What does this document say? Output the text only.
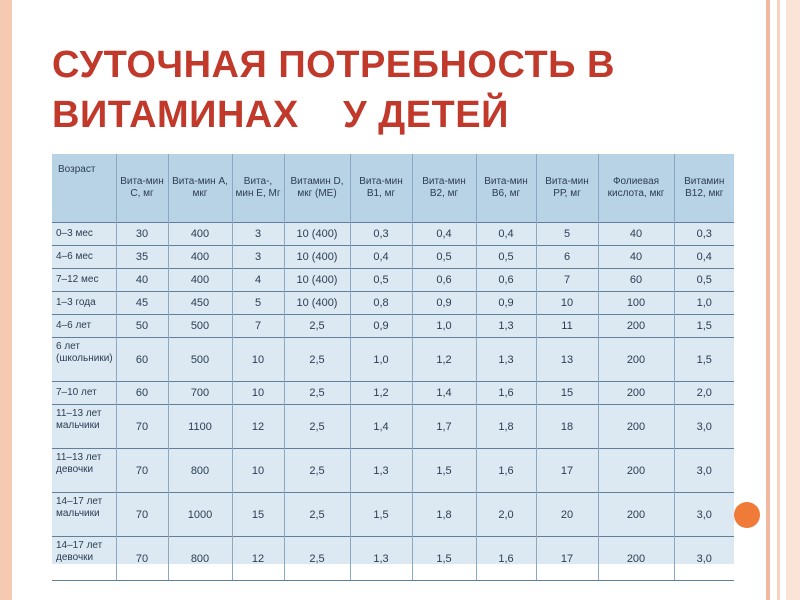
СУТОЧНАЯ ПОТРЕБНОСТЬ В
ВИТАМИНАХ    У ДЕТЕЙ
Возраст	Вита-мин С, мг	Вита-мин А, мкг	Вита-, мин Е, Мг	Витамин D, мкг (МЕ)	Вита-мин В1, мг	Вита-мин В2, мг	Вита-мин В6, мг	Вита-мин РР, мг	Фолиевая кислота, мкг	Витамин В12, мкг

0–3 мес	30	400	3	10 (400)	0,3	0,4	0,4	5	40	0,3

4–6 мес	35	400	3	10 (400)	0,4	0,5	0,5	6	40	0,4

7–12 мес	40	400	4	10 (400)	0,5	0,6	0,6	7	60	0,5

1–3 года	45	450	5	10 (400)	0,8	0,9	0,9	10	100	1,0

4–6 лет	50	500	7	2,5	0,9	1,0	1,3	11	200	1,5

6 лет
(школьники)	60	500	10	2,5	1,0	1,2	1,3	13	200	1,5

7–10 лет	60	700	10	2,5	1,2	1,4	1,6	15	200	2,0

11–13 лет
мальчики	70	1100	12	2,5	1,4	1,7	1,8	18	200	3,0

11–13 лет
девочки	70	800	10	2,5	1,3	1,5	1,6	17	200	3,0

14–17 лет
мальчики	70	1000	15	2,5	1,5	1,8	2,0	20	200	3,0

14–17 лет
девочки	70	800	12	2,5	1,3	1,5	1,6	17	200	3,0
